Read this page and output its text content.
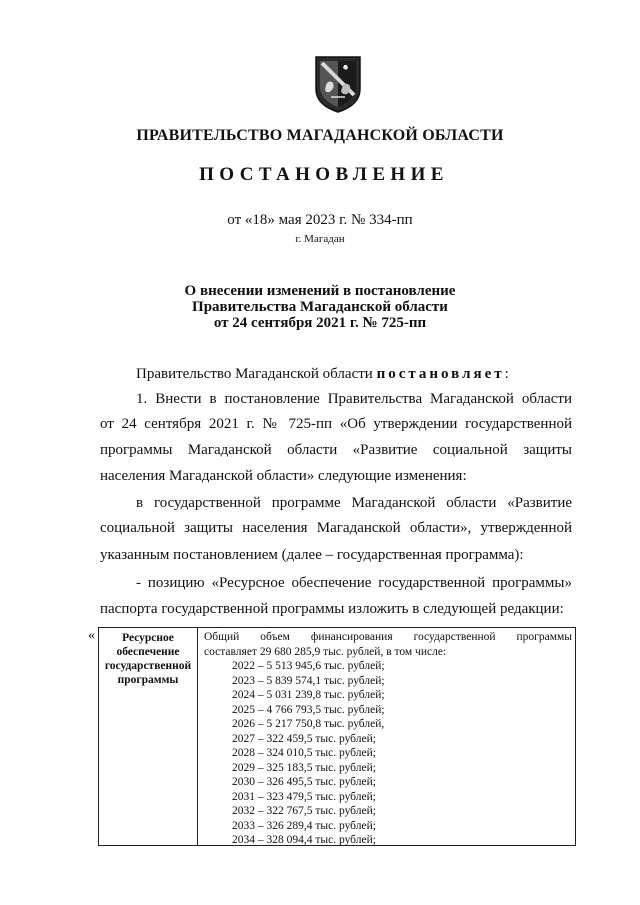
ПРАВИТЕЛЬСТВО МАГАДАНСКОЙ ОБЛАСТИ
ПОСТАНОВЛЕНИЕ
от «18» мая 2023 г. № 334-пп
г. Магадан
О внесении изменений в постановление
Правительства Магаданской области
от 24 сентября 2021 г. № 725-пп
Правительство Магаданской области постановляет:
1. Внести в постановление Правительства Магаданской области
от 24 сентября 2021 г. № 725-пп «Об утверждении государственной
программы Магаданской области «Развитие социальной защиты
населения Магаданской области» следующие изменения:
в государственной программе Магаданской области «Развитие
социальной защиты населения Магаданской области», утвержденной
указанным постановлением (далее – государственная программа):
- позицию «Ресурсное обеспечение государственной программы»
паспорта государственной программы изложить в следующей редакции:
«	Ресурсное
обеспечение
государственной
программы
Общий объем финансирования государственной программы
составляет 29 680 285,9 тыс. рублей, в том числе:
2022 – 5 513 945,6 тыс. рублей;
2023 – 5 839 574,1 тыс. рублей;
2024 – 5 031 239,8 тыс. рублей;
2025 – 4 766 793,5 тыс. рублей;
2026 – 5 217 750,8 тыс. рублей,
2027 – 322 459,5 тыс. рублей;
2028 – 324 010,5 тыс. рублей;
2029 – 325 183,5 тыс. рублей;
2030 – 326 495,5 тыс. рублей;
2031 – 323 479,5 тыс. рублей;
2032 – 322 767,5 тыс. рублей;
2033 – 326 289,4 тыс. рублей;
2034 – 328 094,4 тыс. рублей;
